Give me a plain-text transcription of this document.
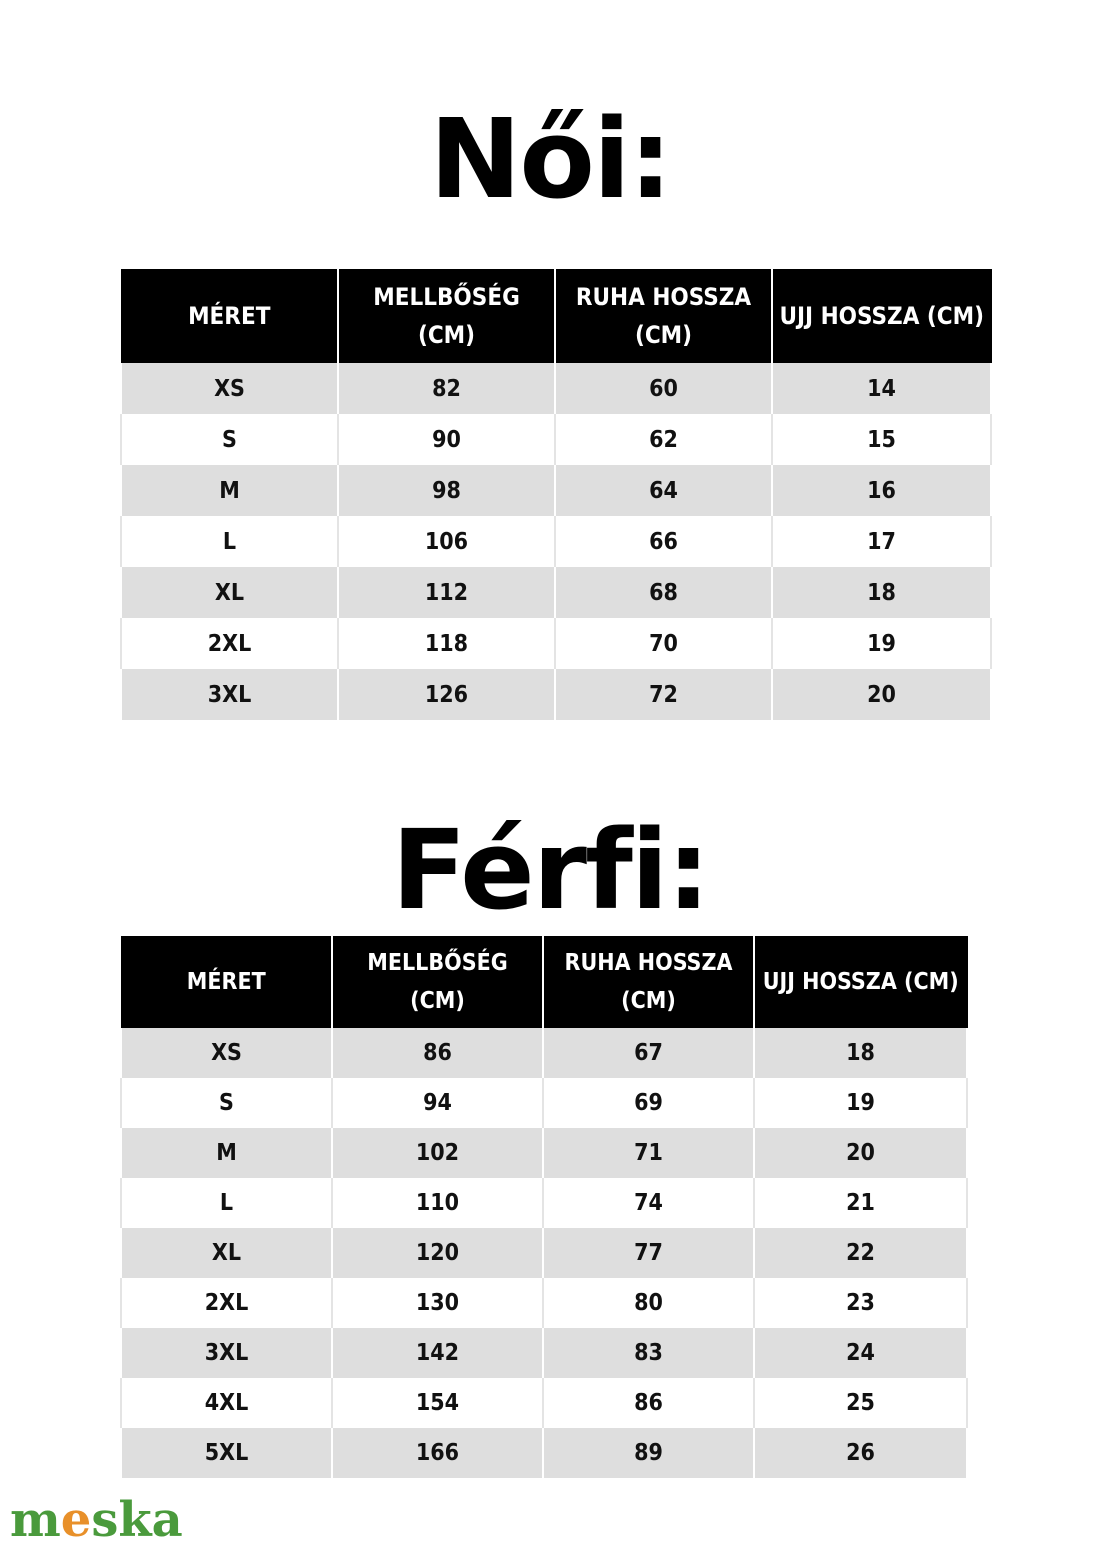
Női:
MÉRET	MELLBŐSÉG (CM)	RUHA HOSSZA (CM)	UJJ HOSSZA (CM)
XS	82	60	14
S	90	62	15
M	98	64	16
L	106	66	17
XL	112	68	18
2XL	118	70	19
3XL	126	72	20
Férfi:
MÉRET	MELLBŐSÉG (CM)	RUHA HOSSZA (CM)	UJJ HOSSZA (CM)
XS	86	67	18
S	94	69	19
M	102	71	20
L	110	74	21
XL	120	77	22
2XL	130	80	23
3XL	142	83	24
4XL	154	86	25
5XL	166	89	26
meska
